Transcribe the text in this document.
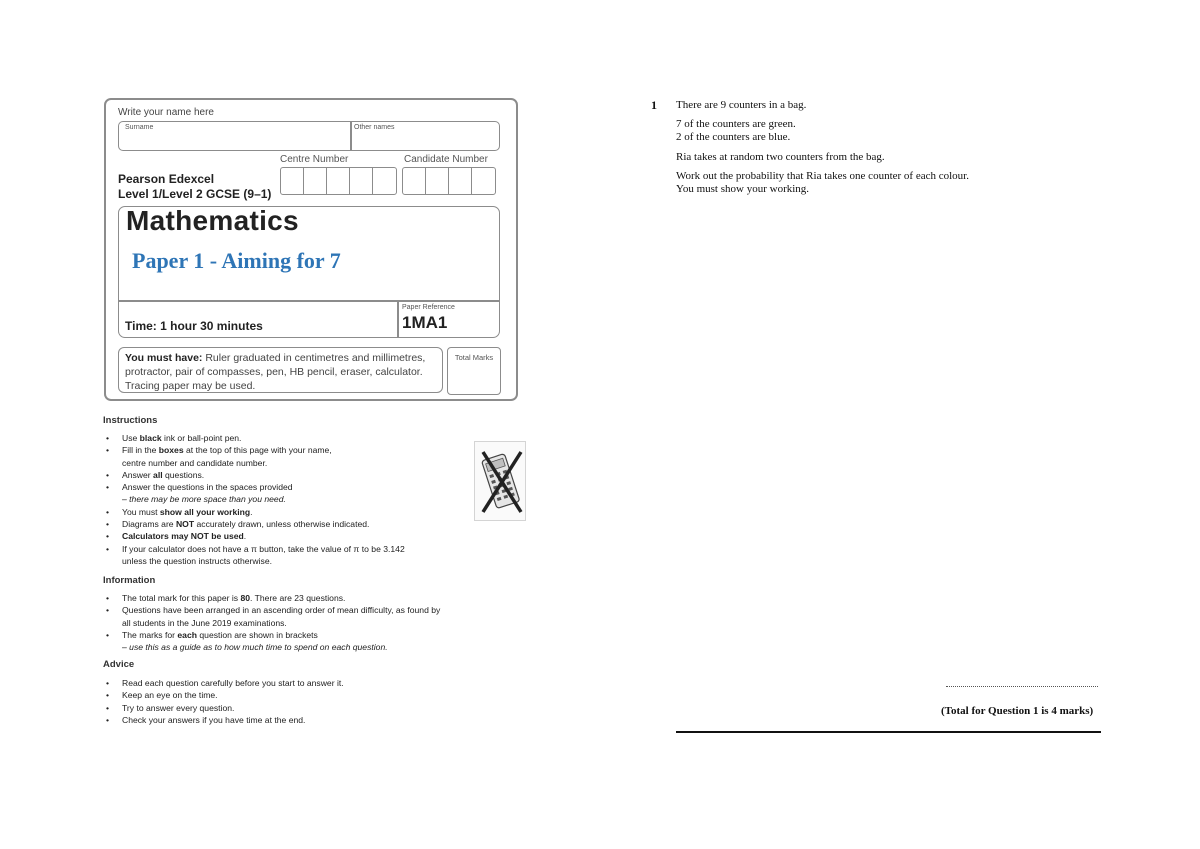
Write your name here
Surname	Other names
Centre Number	Candidate Number
Pearson Edexcel
Level 1/Level 2 GCSE (9–1)
Mathematics
Paper 1 - Aiming for 7
Time: 1 hour 30 minutes
Paper Reference
1MA1
You must have: Ruler graduated in centimetres and millimetres, protractor, pair of compasses, pen, HB pencil, eraser, calculator. Tracing paper may be used.
Total Marks
Instructions
• Use black ink or ball-point pen.
• Fill in the boxes at the top of this page with your name,
centre number and candidate number.
• Answer all questions.
• Answer the questions in the spaces provided
– there may be more space than you need.
• You must show all your working.
• Diagrams are NOT accurately drawn, unless otherwise indicated.
• Calculators may NOT be used.
• If your calculator does not have a π button, take the value of π to be 3.142
unless the question instructs otherwise.
Information
• The total mark for this paper is 80. There are 23 questions.
• Questions have been arranged in an ascending order of mean difficulty, as found by
all students in the June 2019 examinations.
• The marks for each question are shown in brackets
– use this as a guide as to how much time to spend on each question.
Advice
• Read each question carefully before you start to answer it.
• Keep an eye on the time.
• Try to answer every question.
• Check your answers if you have time at the end.
1 There are 9 counters in a bag.
7 of the counters are green.
2 of the counters are blue.
Ria takes at random two counters from the bag.
Work out the probability that Ria takes one counter of each colour.
You must show your working.
(Total for Question 1 is 4 marks)
